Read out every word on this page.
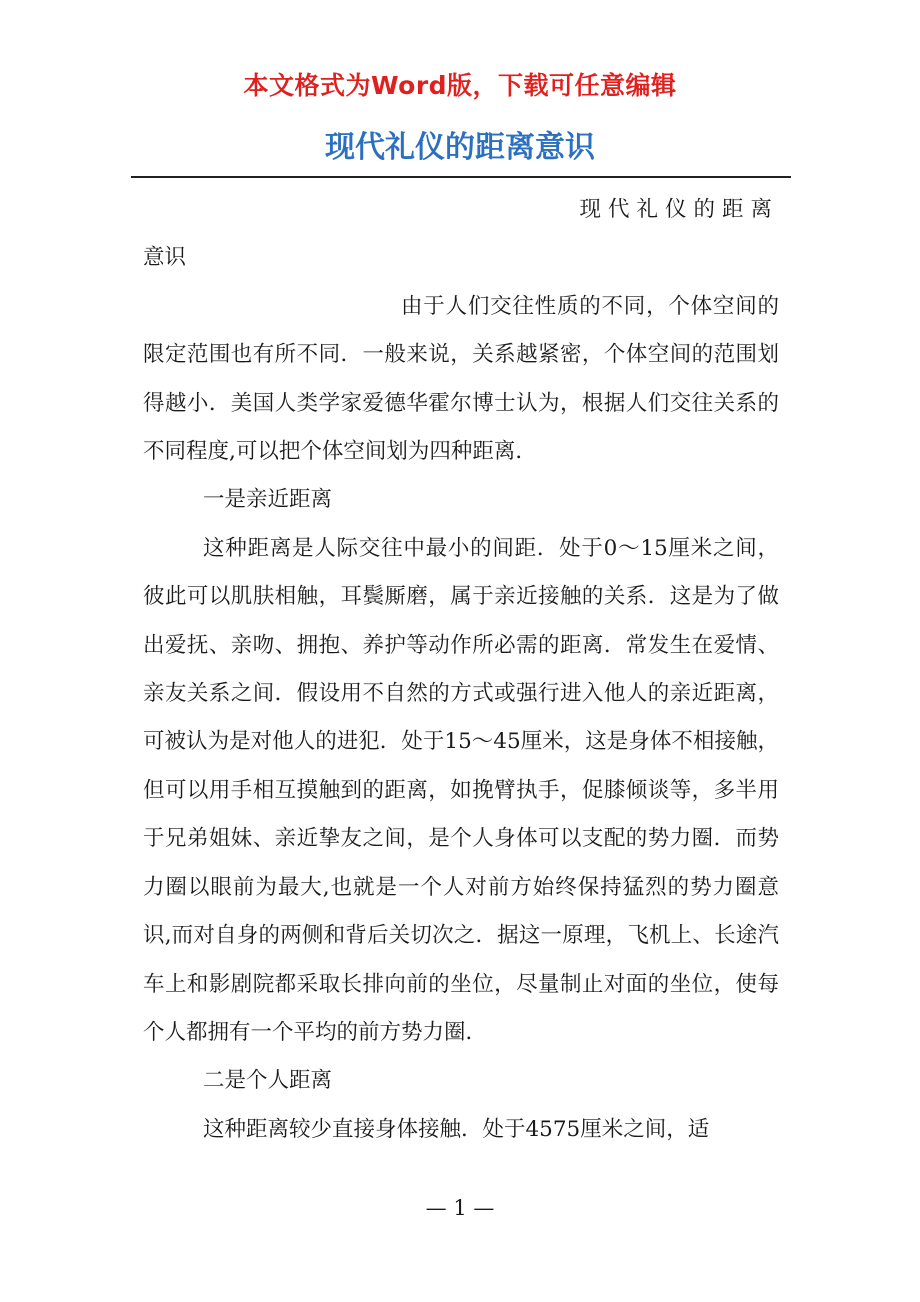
本文格式为Word版，下载可任意编辑
现代礼仪的距离意识

现代礼仪的距离

意识

由于人们交往性质的不同，个体空间的限定范围也有所不同．一般来说，关系越紧密，个体空间的范围划得越小．美国人类学家爱德华霍尔博士认为，根据人们交往关系的不同程度,可以把个体空间划为四种距离．

一是亲近距离

这种距离是人际交往中最小的间距．处于0～15厘米之间，彼此可以肌肤相触，耳鬓厮磨，属于亲近接触的关系．这是为了做出爱抚、亲吻、拥抱、养护等动作所必需的距离．常发生在爱情、亲友关系之间．假设用不自然的方式或强行进入他人的亲近距离，可被认为是对他人的进犯．处于15～45厘米，这是身体不相接触，但可以用手相互摸触到的距离，如挽臂执手，促膝倾谈等，多半用于兄弟姐妹、亲近挚友之间，是个人身体可以支配的势力圈．而势力圈以眼前为最大,也就是一个人对前方始终保持猛烈的势力圈意识,而对自身的两侧和背后关切次之．据这一原理，飞机上、长途汽车上和影剧院都采取长排向前的坐位，尽量制止对面的坐位，使每个人都拥有一个平均的前方势力圈．

二是个人距离

这种距离较少直接身体接触．处于4575厘米之间，适

— 1 —
